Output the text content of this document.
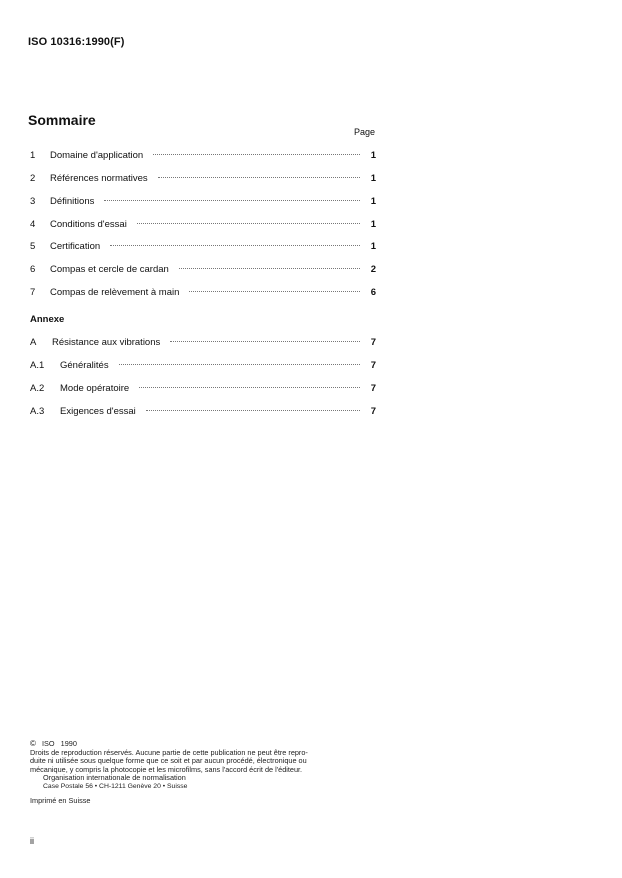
ISO 10316:1990(F)
Sommaire
Page
1	Domaine d'application	1
2	Références normatives	1
3	Définitions	1
4	Conditions d'essai	1
5	Certification	1
6	Compas et cercle de cardan	2
7	Compas de relèvement à main	6
A	Résistance aux vibrations	7
A.1	Généralités	7
A.2	Mode opératoire	7
A.3	Exigences d'essai	7
Annexe
© ISO 1990
Droits de reproduction réservés. Aucune partie de cette publication ne peut être repro-
duite ni utilisée sous quelque forme que ce soit et par aucun procédé, électronique ou
mécanique, y compris la photocopie et les microfilms, sans l'accord écrit de l'éditeur.
Organisation internationale de normalisation
Case Postale 56 • CH-1211 Genève 20 • Suisse
Imprimé en Suisse
ii
